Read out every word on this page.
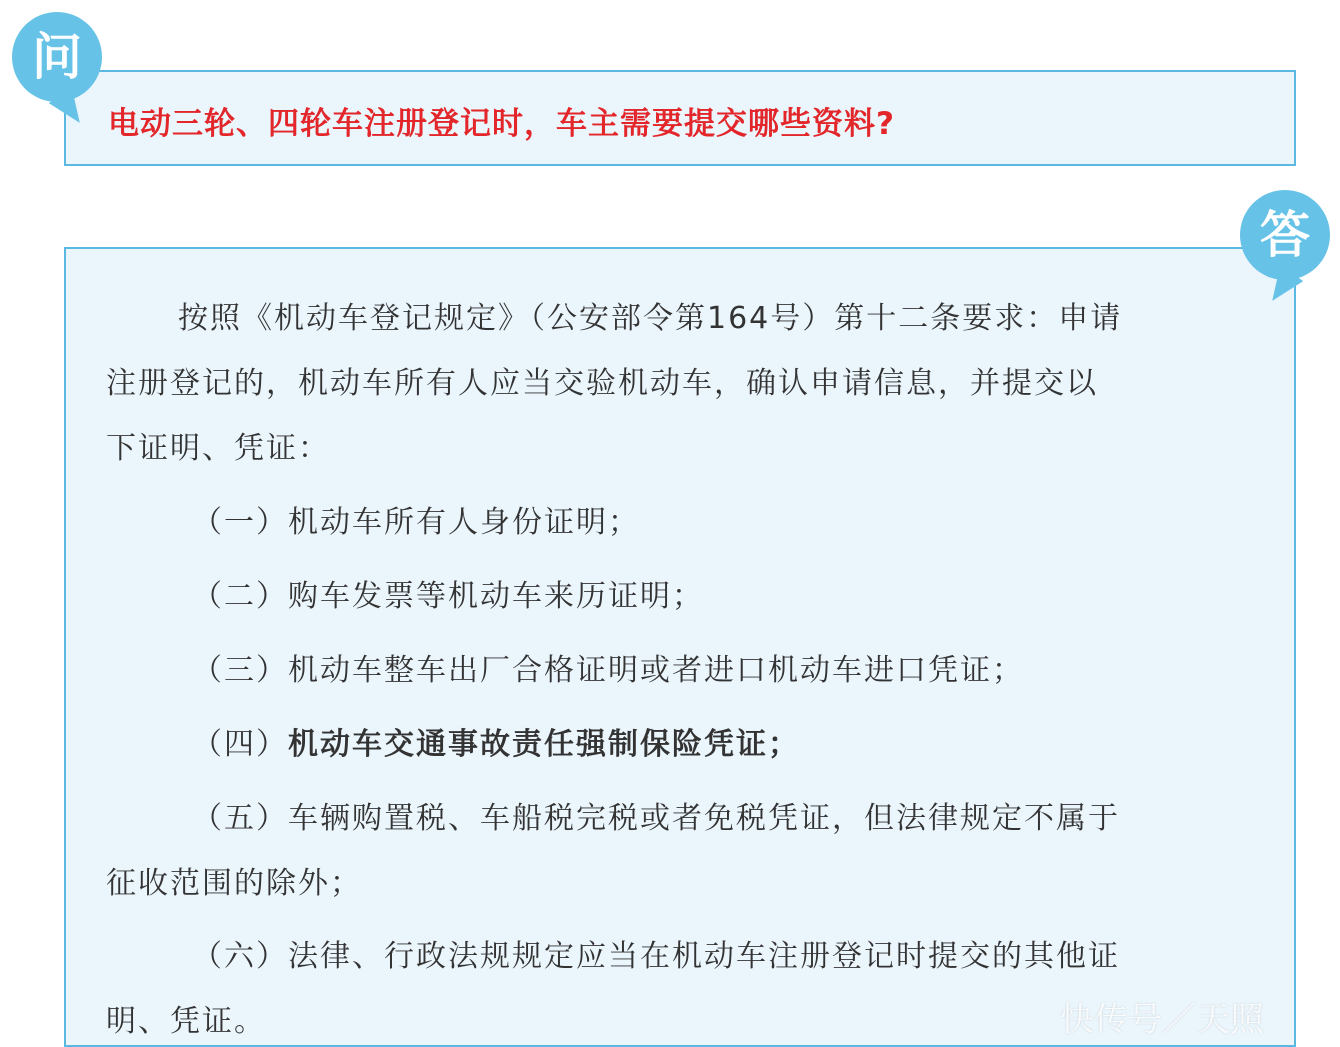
电动三轮、四轮车注册登记时，车主需要提交哪些资料?
问

按照《机动车登记规定》（公安部令第164号）第十二条要求：申请

注册登记的，机动车所有人应当交验机动车，确认申请信息，并提交以

下证明、凭证：

（一）机动车所有人身份证明；

（二）购车发票等机动车来历证明；

（三）机动车整车出厂合格证明或者进口机动车进口凭证；

（四）机动车交通事故责任强制保险凭证；

（五）车辆购置税、车船税完税或者免税凭证，但法律规定不属于

征收范围的除外；

（六）法律、行政法规规定应当在机动车注册登记时提交的其他证

明、凭证。

答
快传号／天照
